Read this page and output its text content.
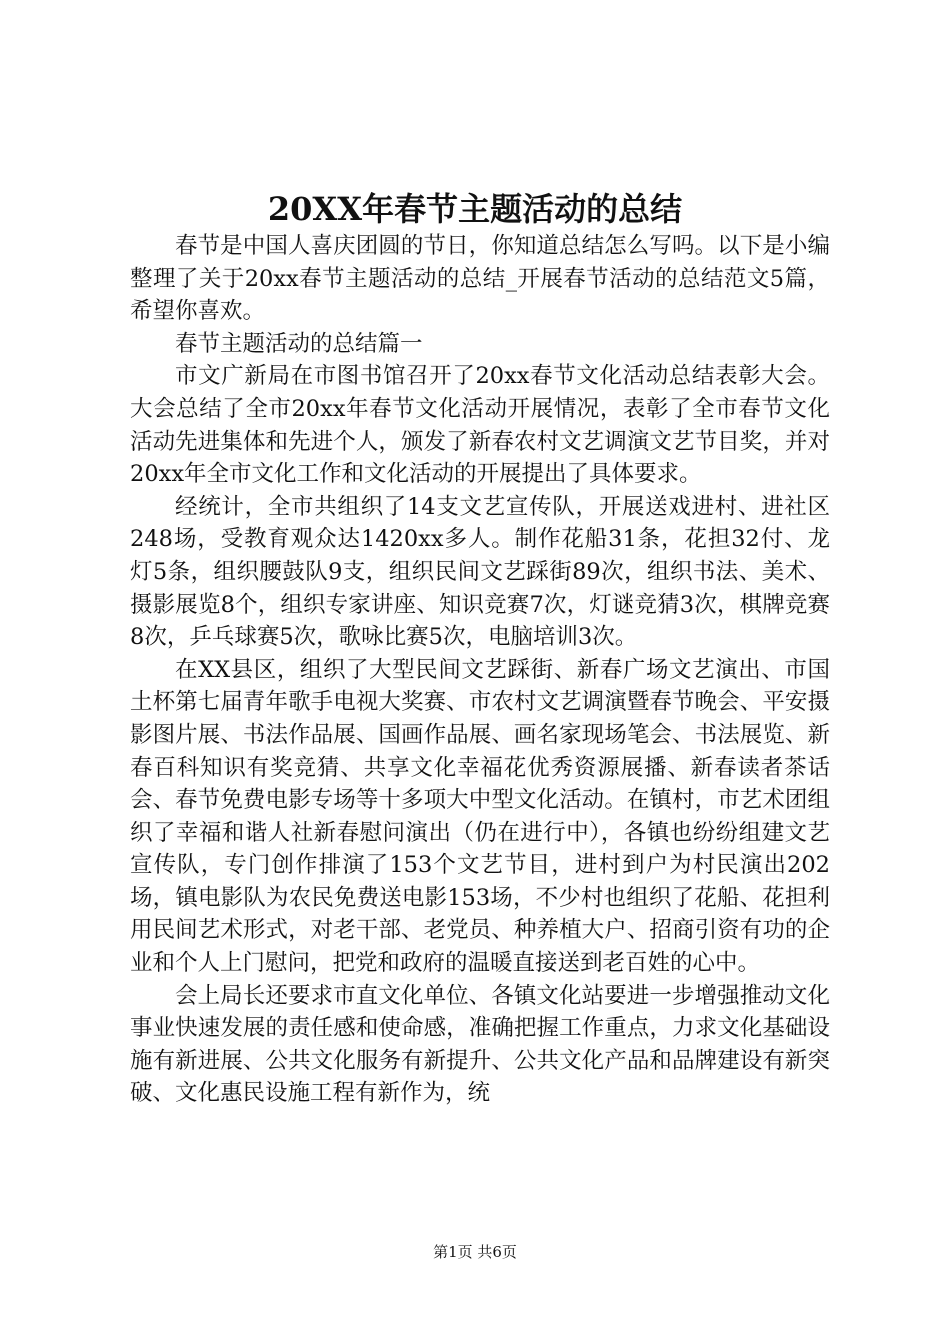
20XX年春节主题活动的总结

春节是中国人喜庆团圆的节日，你知道总结怎么写吗。以下是小编整理了关于20xx春节主题活动的总结_开展春节活动的总结范文5篇，希望你喜欢。

春节主题活动的总结篇一

市文广新局在市图书馆召开了20xx春节文化活动总结表彰大会。大会总结了全市20xx年春节文化活动开展情况，表彰了全市春节文化活动先进集体和先进个人，颁发了新春农村文艺调演文艺节目奖，并对20xx年全市文化工作和文化活动的开展提出了具体要求。

经统计，全市共组织了14支文艺宣传队，开展送戏进村、进社区248场，受教育观众达1420xx多人。制作花船31条，花担32付、龙灯5条，组织腰鼓队9支，组织民间文艺踩街89次，组织书法、美术、摄影展览8个，组织专家讲座、知识竞赛7次，灯谜竞猜3次，棋牌竞赛8次，乒乓球赛5次，歌咏比赛5次，电脑培训3次。

在XX县区，组织了大型民间文艺踩街、新春广场文艺演出、市国土杯第七届青年歌手电视大奖赛、市农村文艺调演暨春节晚会、平安摄影图片展、书法作品展、国画作品展、画名家现场笔会、书法展览、新春百科知识有奖竞猜、共享文化幸福花优秀资源展播、新春读者茶话会、春节免费电影专场等十多项大中型文化活动。在镇村，市艺术团组织了幸福和谐人社新春慰问演出（仍在进行中），各镇也纷纷组建文艺宣传队，专门创作排演了153个文艺节目，进村到户为村民演出202场，镇电影队为农民免费送电影153场，不少村也组织了花船、花担利用民间艺术形式，对老干部、老党员、种养植大户、招商引资有功的企业和个人上门慰问，把党和政府的温暖直接送到老百姓的心中。

会上局长还要求市直文化单位、各镇文化站要进一步增强推动文化事业快速发展的责任感和使命感，准确把握工作重点，力求文化基础设施有新进展、公共文化服务有新提升、公共文化产品和品牌建设有新突破、文化惠民设施工程有新作为，统

第1页 共6页
